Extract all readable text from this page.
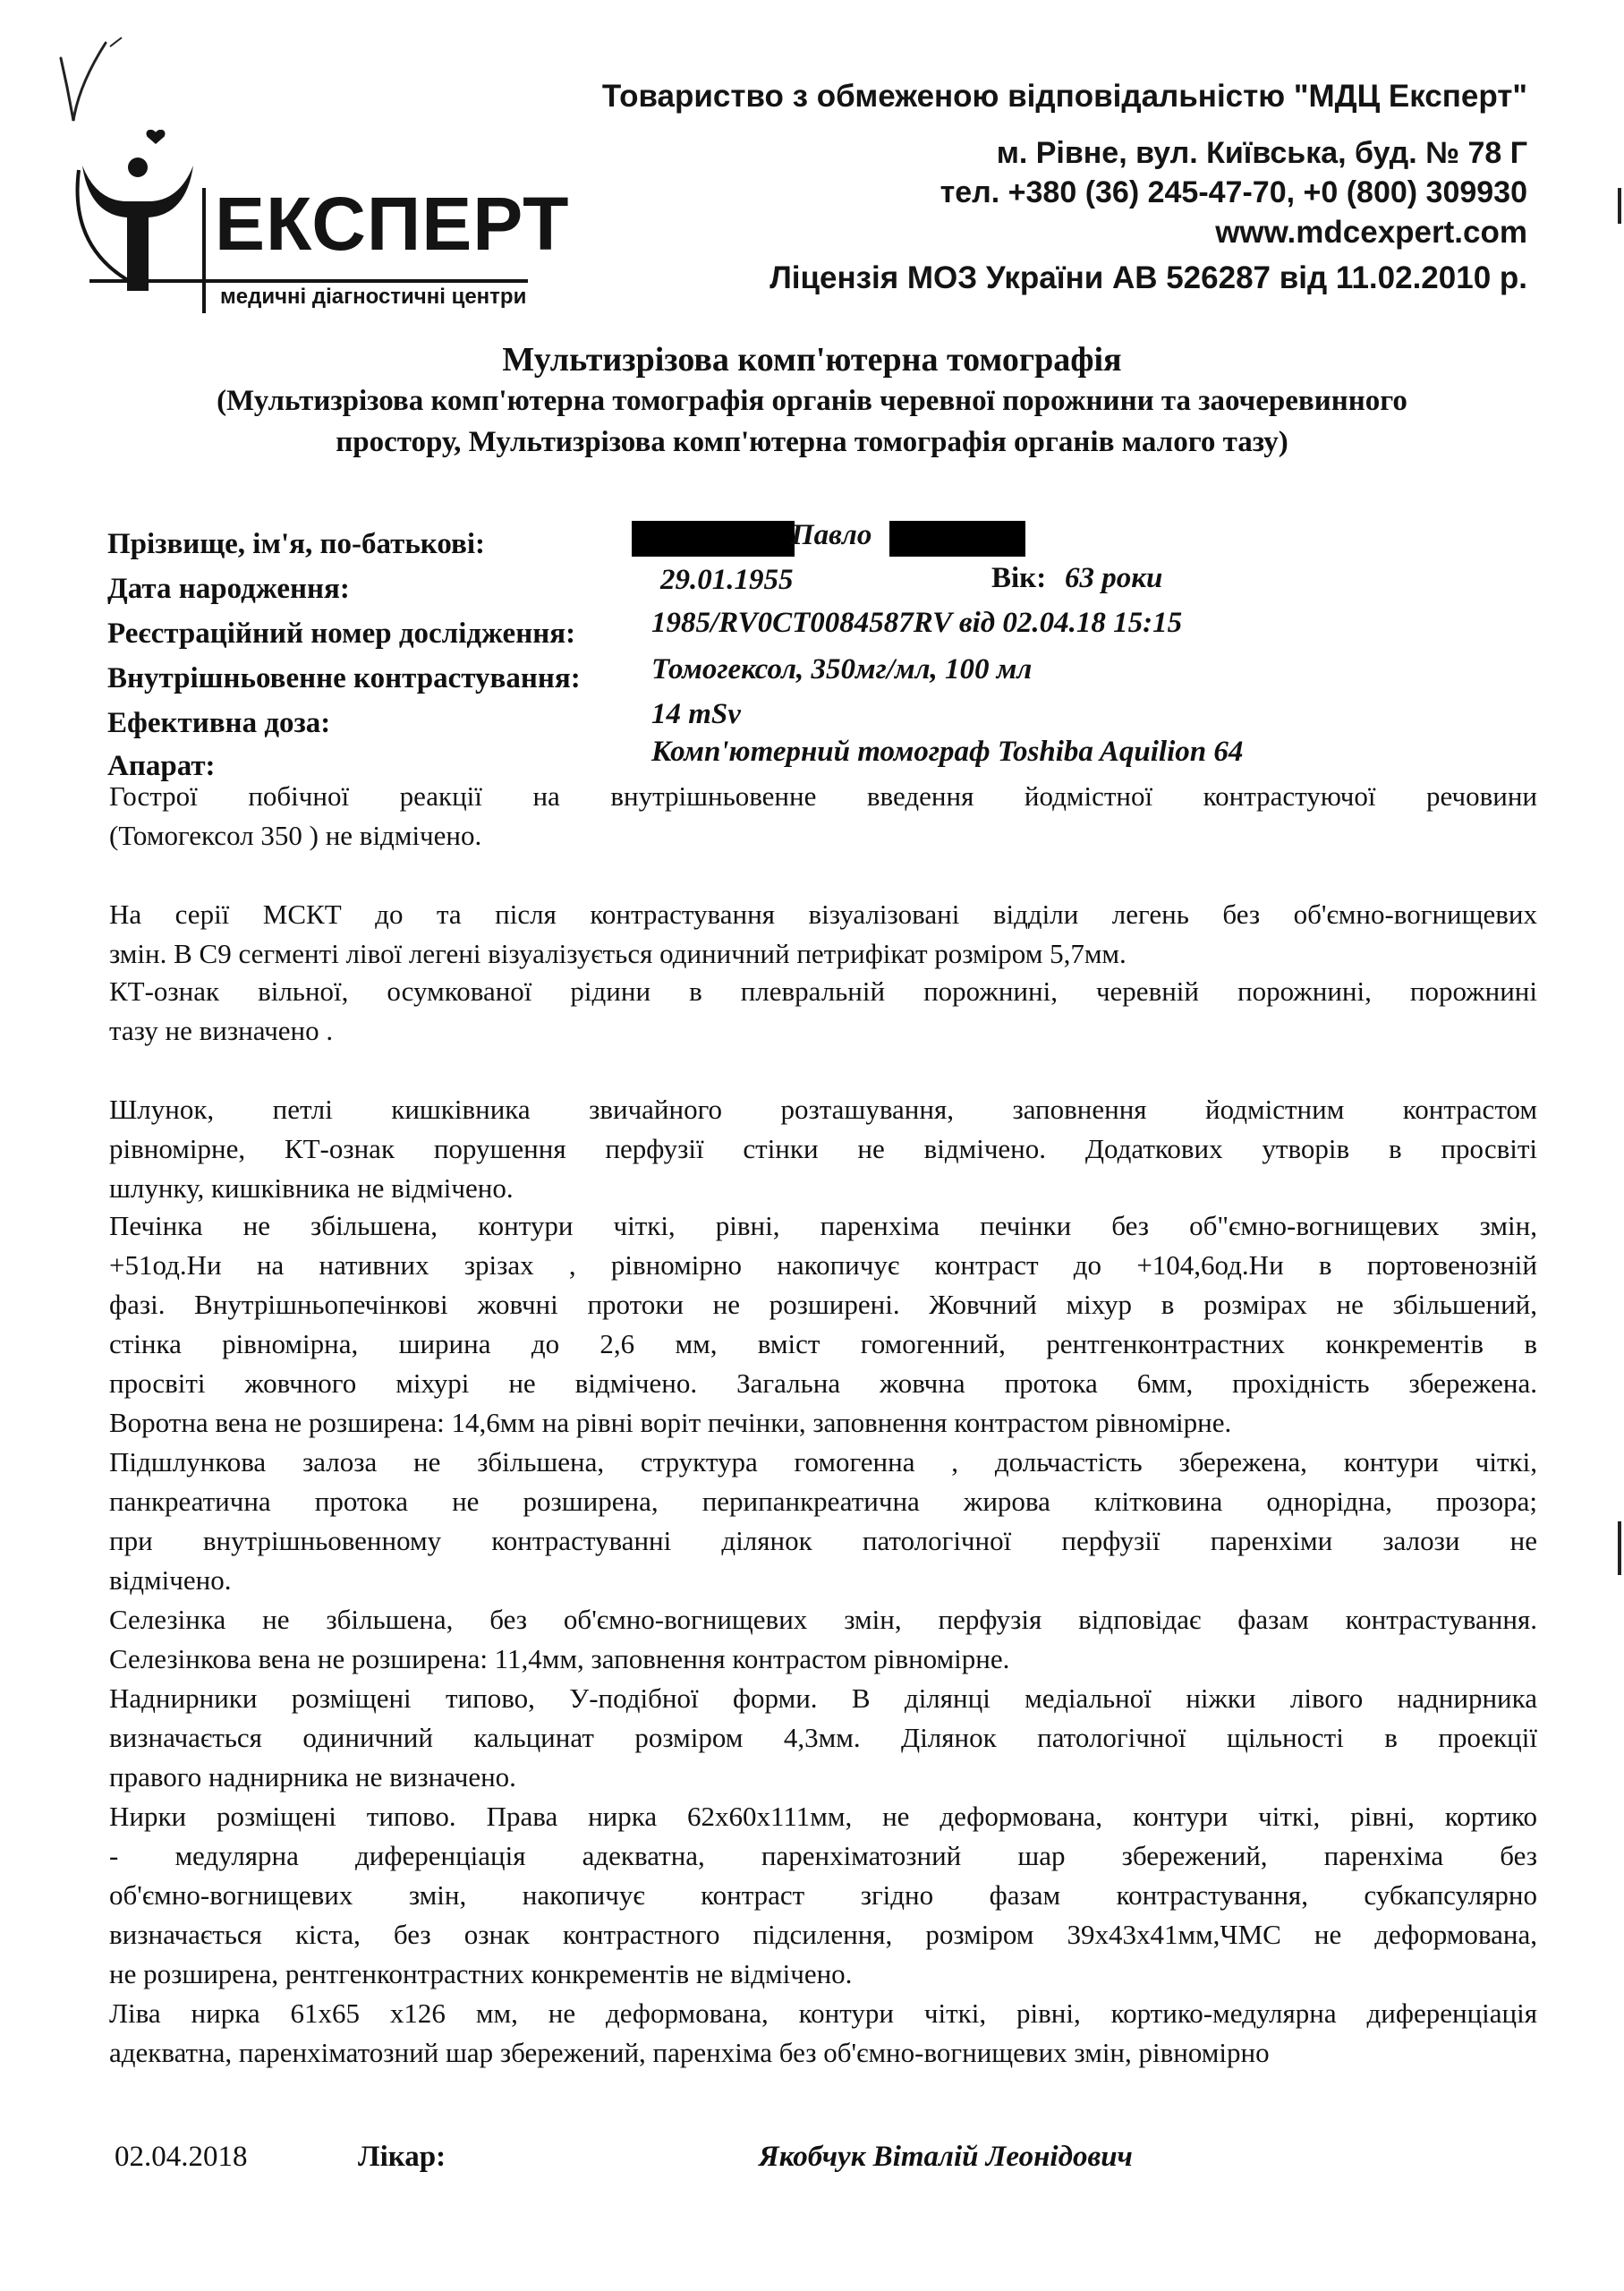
ЕКСПЕРТ
медичні діагностичні центри
Товариство з обмеженою відповідальністю "МДЦ Експерт"
м. Рівне, вул. Київська, буд. № 78 Г
тел. +380 (36) 245-47-70, +0 (800) 309930
www.mdcexpert.com
Ліцензія МОЗ України АВ 526287 від 11.02.2010 р.
Мультизрізова комп'ютерна томографія
(Мультизрізова комп'ютерна томографія органів черевної порожнини та заочеревинного
простору, Мультизрізова комп'ютерна томографія органів малого тазу)
Прізвище, ім'я, по-батькові:	Павло
Дата народження:	29.01.1955	Вік: 63 роки
Реєстраційний номер дослідження:	1985/RV0CT0084587RV від 02.04.18 15:15
Внутрішньовенне контрастування: Томогексол, 350мг/мл, 100 мл
Ефективна доза:	14 mSv
Апарат:	Комп'ютерний томограф Toshiba Aquilion 64
Гострої побічної реакції на внутрішньовенне введення йодмістної контрастуючої речовини
(Томогексол 350 ) не відмічено.
На серії МСКТ до та після контрастування візуалізовані відділи легень без об'ємно-вогнищевих
змін. В С9 сегменті лівої легені візуалізується одиничний петрифікат розміром 5,7мм.
КТ-ознак вільної, осумкованої рідини в плевральній порожнині, черевній порожнині, порожнині
тазу не визначено .
Шлунок, петлі кишківника звичайного розташування, заповнення йодмістним контрастом
рівномірне, КТ-ознак порушення перфузії стінки не відмічено. Додаткових утворів в просвіті
шлунку, кишківника не відмічено.
Печінка не збільшена, контури чіткі, рівні, паренхіма печінки без об"ємно-вогнищевих змін,
+51од.Hи на нативних зрізах , рівномірно накопичує контраст до +104,6од.Hи в портовенозній
фазі. Внутрішньопечінкові жовчні протоки не розширені. Жовчний міхур в розмірах не збільшений,
стінка рівномірна, ширина до 2,6 мм, вміст гомогенний, рентгенконтрастних конкрементів в
просвіті жовчного міхурі не відмічено. Загальна жовчна протока 6мм, прохідність збережена.
Воротна вена не розширена: 14,6мм на рівні воріт печінки, заповнення контрастом рівномірне.
Підшлункова залоза не збільшена, структура гомогенна , дольчастість збережена, контури чіткі,
панкреатична протока не розширена, перипанкреатична жирова клітковина однорідна, прозора;
при внутрішньовенному контрастуванні ділянок патологічної перфузії паренхіми залози не
відмічено.
Селезінка не збільшена, без об'ємно-вогнищевих змін, перфузія відповідає фазам контрастування.
Селезінкова вена не розширена: 11,4мм, заповнення контрастом рівномірне.
Наднирники розміщені типово, У-подібної форми. В ділянці медіальної ніжки лівого наднирника
визначається одиничний кальцинат розміром 4,3мм. Ділянок патологічної щільності в проекції
правого наднирника не визначено.
Нирки розміщені типово. Права нирка 62x60x111мм, не деформована, контури чіткі, рівні, кортико
- медулярна диференціація адекватна, паренхіматозний шар збережений, паренхіма без
об'ємно-вогнищевих змін, накопичує контраст згідно фазам контрастування, субкапсулярно
визначається кіста, без ознак контрастного підсилення, розміром 39x43x41мм,ЧМС не деформована,
не розширена, рентгенконтрастних конкрементів не відмічено.
Ліва нирка 61x65 x126 мм, не деформована, контури чіткі, рівні, кортико-медулярна диференціація
адекватна, паренхіматозний шар збережений, паренхіма без об'ємно-вогнищевих змін, рівномірно
02.04.2018	Лікар:	Якобчук Віталій Леонідович
